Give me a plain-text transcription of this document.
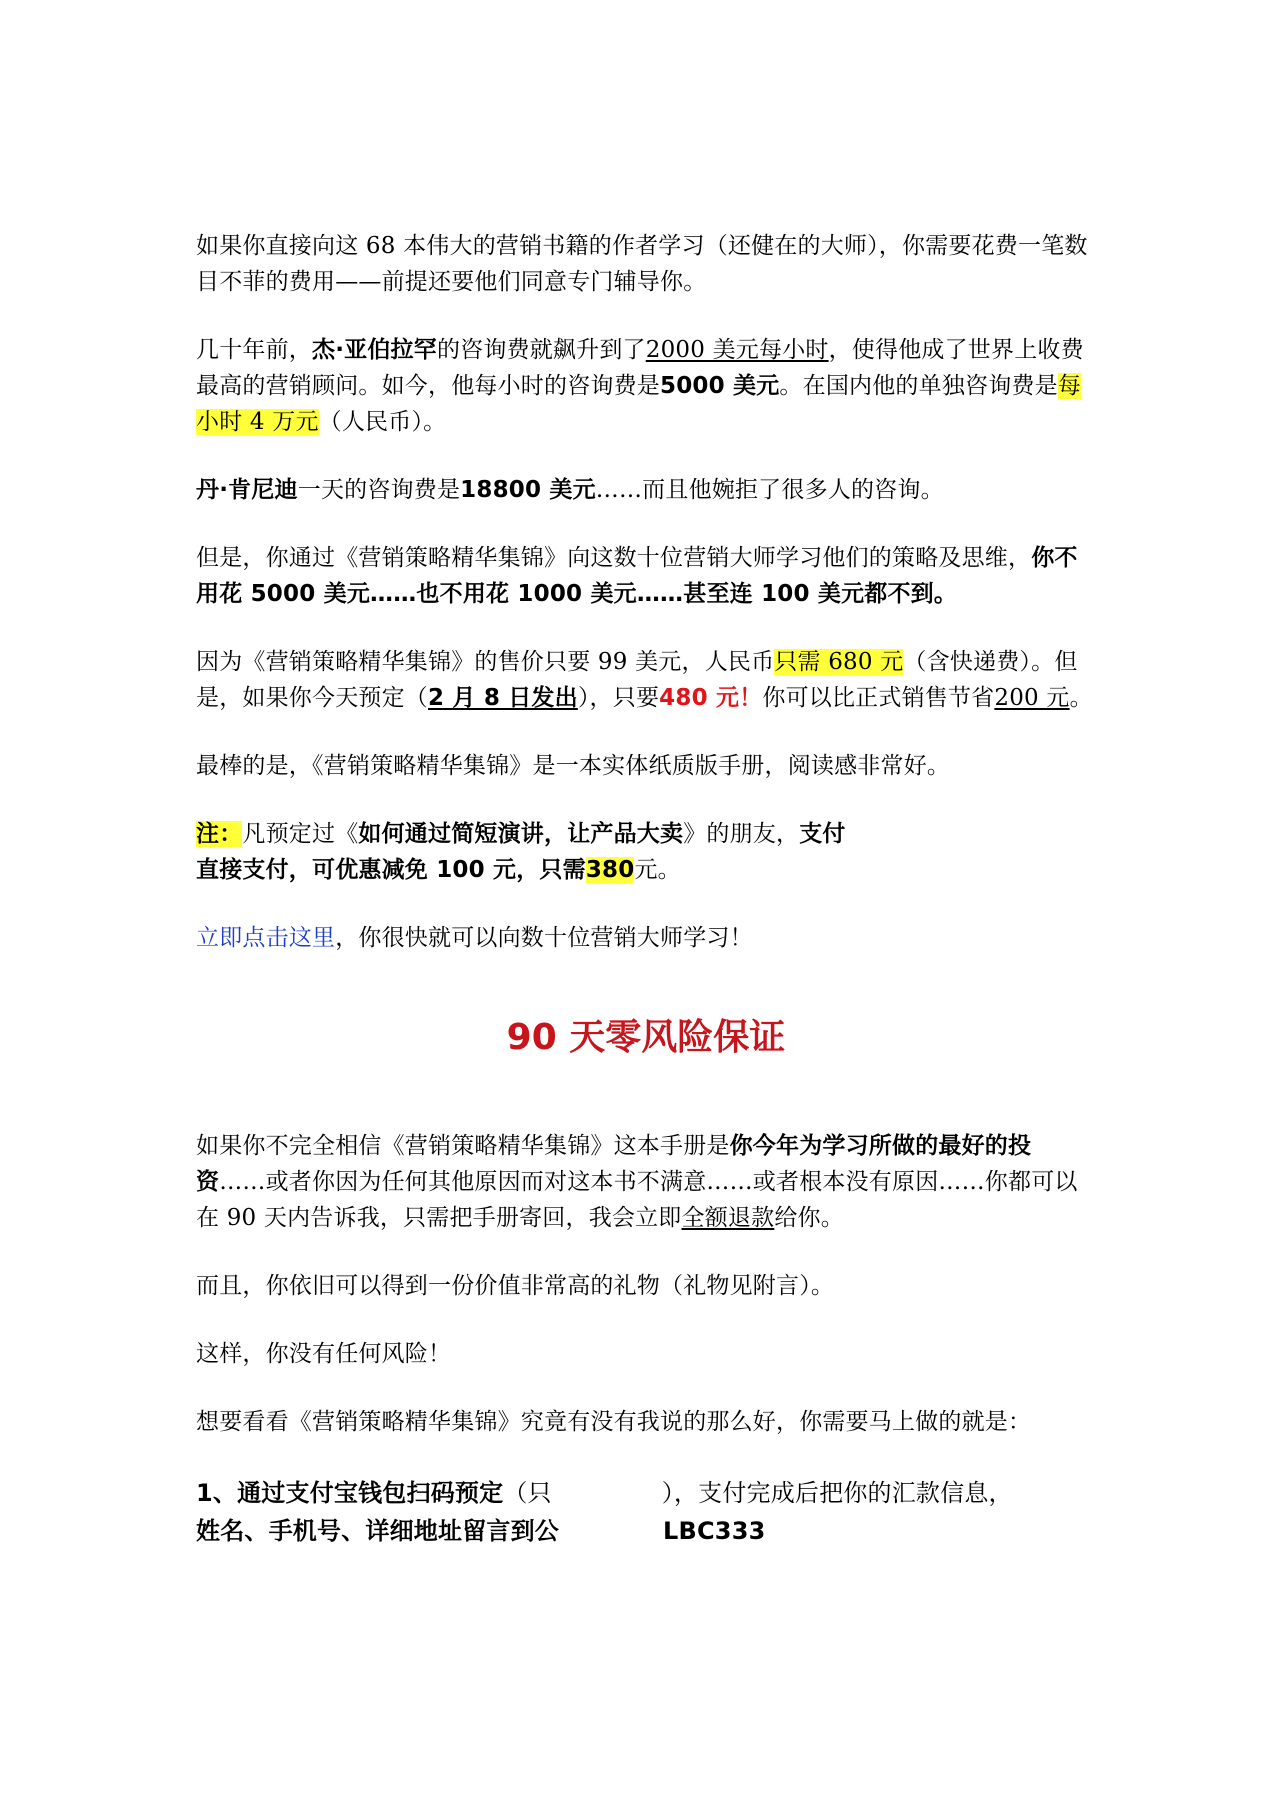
如果你直接向这 68 本伟大的营销书籍的作者学习（还健在的大师），你需要花费一笔数目不菲的费用——前提还要他们同意专门辅导你。

几十年前，杰·亚伯拉罕的咨询费就飙升到了2000 美元每小时，使得他成了世界上收费最高的营销顾问。如今，他每小时的咨询费是5000 美元。在国内他的单独咨询费是每小时 4 万元（人民币）。

丹·肯尼迪一天的咨询费是18800 美元……而且他婉拒了很多人的咨询。

但是，你通过《营销策略精华集锦》向这数十位营销大师学习他们的策略及思维，你不用花 5000 美元……也不用花 1000 美元……甚至连 100 美元都不到。

因为《营销策略精华集锦》的售价只要 99 美元，人民币只需 680 元（含快递费）。但是，如果你今天预定（2 月 8 日发出），只要480 元！你可以比正式销售节省200 元。

最棒的是，《营销策略精华集锦》是一本实体纸质版手册，阅读感非常好。

注：凡预定过《如何通过简短演讲，让产品大卖》的朋友，支付
直接支付，可优惠减免 100 元，只需380元。

立即点击这里，你很快就可以向数十位营销大师学习！

90 天零风险保证

如果你不完全相信《营销策略精华集锦》这本手册是你今年为学习所做的最好的投资……或者你因为任何其他原因而对这本书不满意……或者根本没有原因……你都可以在 90 天内告诉我，只需把手册寄回，我会立即全额退款给你。

而且，你依旧可以得到一份价值非常高的礼物（礼物见附言）。

这样，你没有任何风险！

想要看看《营销策略精华集锦》究竟有没有我说的那么好，你需要马上做的就是：

1、通过支付宝钱包扫码预定（只	），支付完成后把你的汇款信息，
姓名、手机号、详细地址留言到公	LBC333
